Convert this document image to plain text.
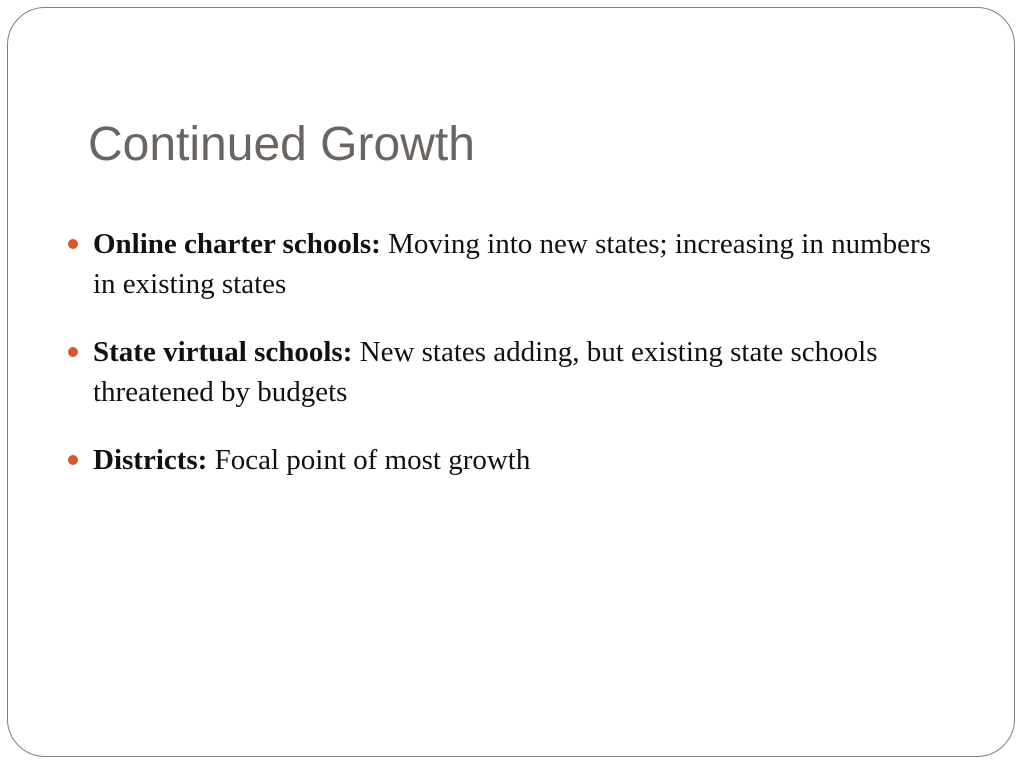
Continued Growth
Online charter schools: Moving into new states; increasing in numbers in existing states
State virtual schools: New states adding, but existing state schools threatened by budgets
Districts: Focal point of most growth
